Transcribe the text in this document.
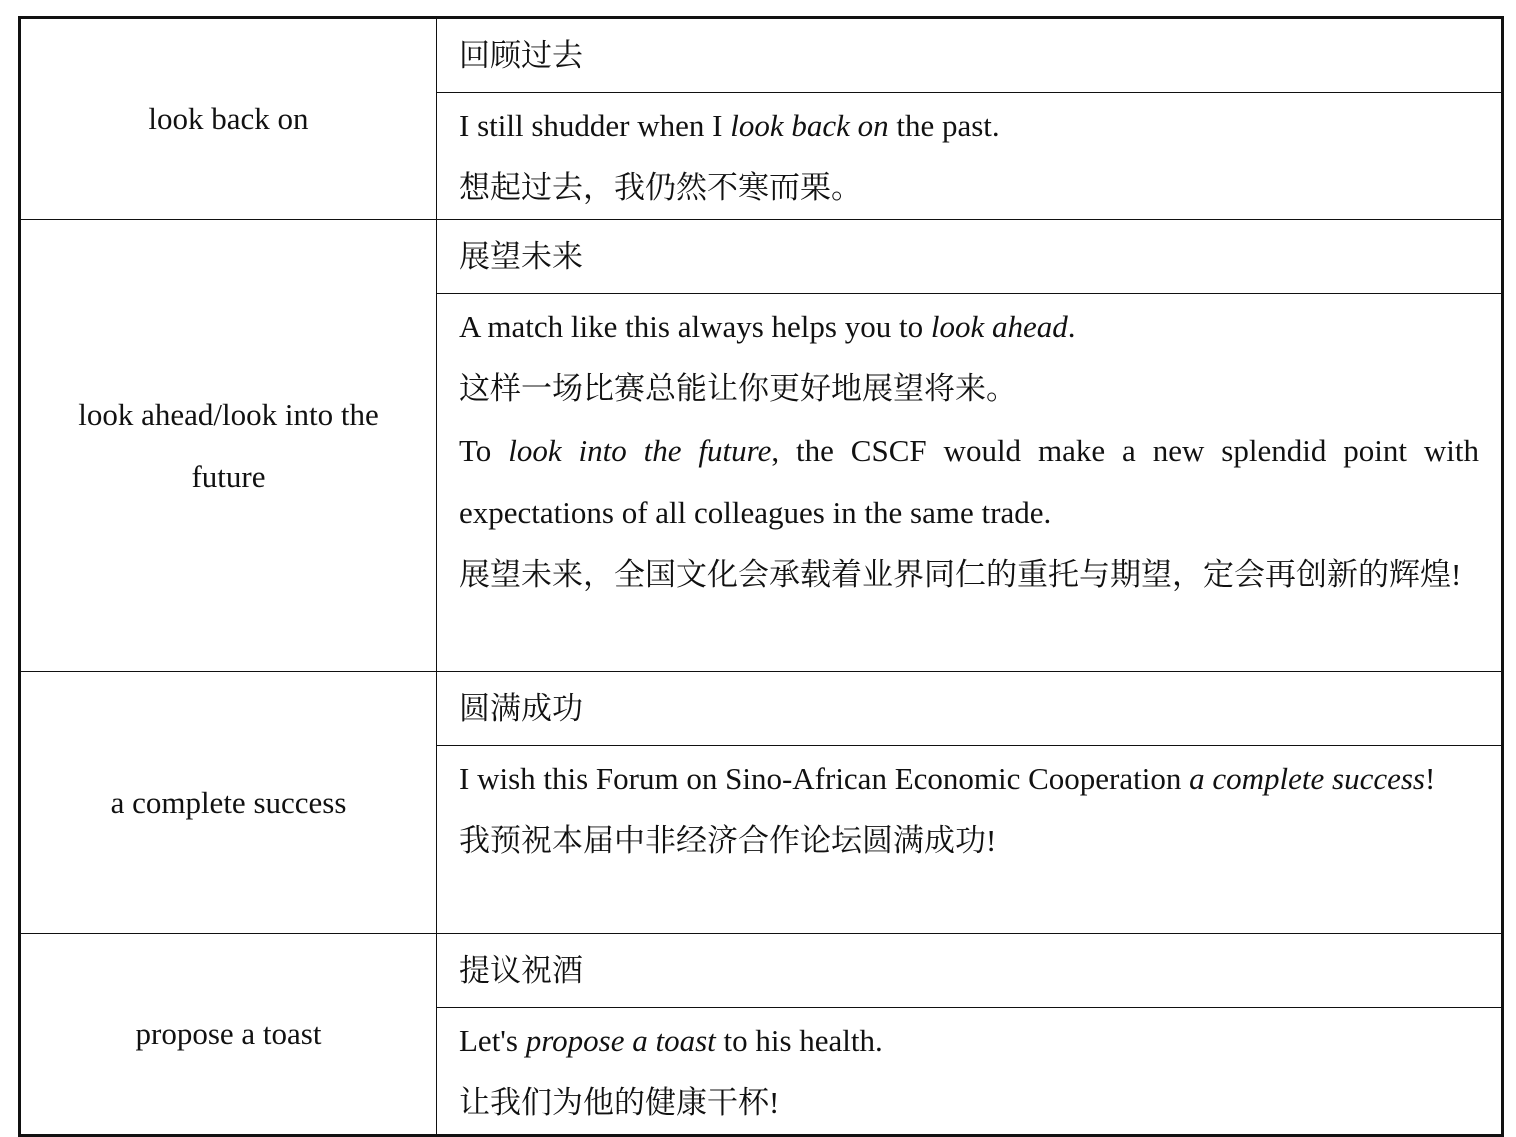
look back on	回顾过去

	I still shudder when I look back on the past.
想起过去，我仍然不寒而栗。

look ahead/look into the future	展望未来

	A match like this always helps you to look ahead.
这样一场比赛总能让你更好地展望将来。
To look into the future, the CSCF would make a new splendid point with expectations of all colleagues in the same trade.
展望未来，全国文化会承载着业界同仁的重托与期望，定会再创新的辉煌!

a complete success	圆满成功

	I wish this Forum on Sino-African Economic Cooperation a complete success!
我预祝本届中非经济合作论坛圆满成功!

propose a toast	提议祝酒

	Let's propose a toast to his health.
让我们为他的健康干杯!
